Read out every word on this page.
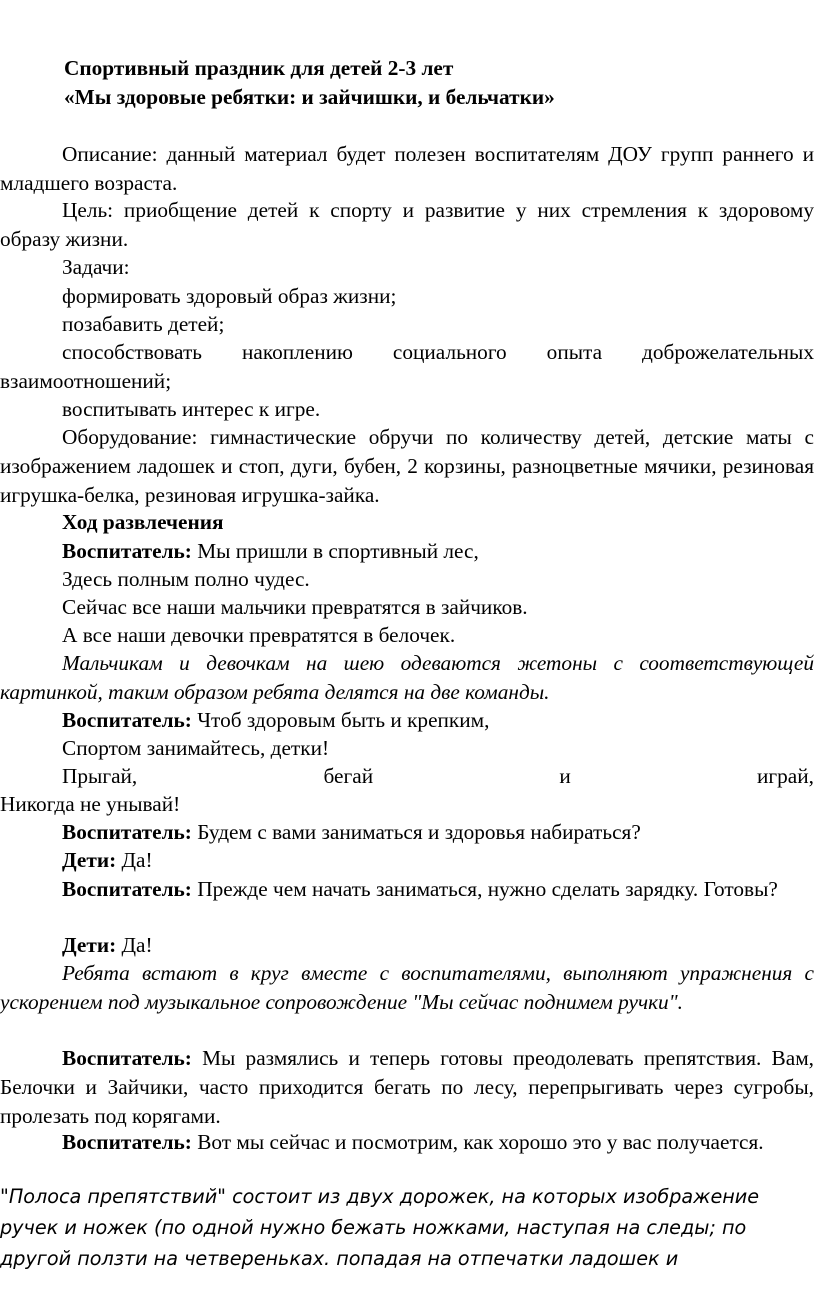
Спортивный праздник для детей 2-3 лет
«Мы здоровые ребятки: и зайчишки, и бельчатки»
Описание: данный материал будет полезен воспитателям ДОУ групп раннего и младшего возраста.
Цель: приобщение детей к спорту и развитие у них стремления к здоровому образу жизни.
Задачи:
формировать здоровый образ жизни;
позабавить детей;
способствовать накоплению социального опыта доброжелательных взаимоотношений;
воспитывать интерес к игре.
Оборудование: гимнастические обручи по количеству детей, детские маты с изображением ладошек и стоп, дуги, бубен, 2 корзины, разноцветные мячики, резиновая игрушка-белка, резиновая игрушка-зайка.
Ход развлечения
Воспитатель: Мы пришли в спортивный лес,
Здесь полным полно чудес.
Сейчас все наши мальчики превратятся в зайчиков.
А все наши девочки превратятся в белочек.
Мальчикам и девочкам на шею одеваются жетоны с соответствующей картинкой, таким образом ребята делятся на две команды.
Воспитатель: Чтоб здоровым быть и крепким,
Спортом занимайтесь, детки!
Прыгай,	бегай	и	играй,
Никогда не унывай!
Воспитатель: Будем с вами заниматься и здоровья набираться?
Дети: Да!
Воспитатель: Прежде чем начать заниматься, нужно сделать зарядку. Готовы?
Дети: Да!
Ребята встают в круг вместе с воспитателями, выполняют упражнения с ускорением под музыкальное сопровождение "Мы сейчас поднимем ручки".
Воспитатель: Мы размялись и теперь готовы преодолевать препятствия. Вам, Белочки и Зайчики, часто приходится бегать по лесу, перепрыгивать через сугробы, пролезать под корягами.
Воспитатель: Вот мы сейчас и посмотрим, как хорошо это у вас получается.
"Полоса препятствий" состоит из двух дорожек, на которых изображение
ручек и ножек (по одной нужно бежать ножками, наступая на следы; по
другой ползти на четвереньках. попадая на отпечатки ладошек и
